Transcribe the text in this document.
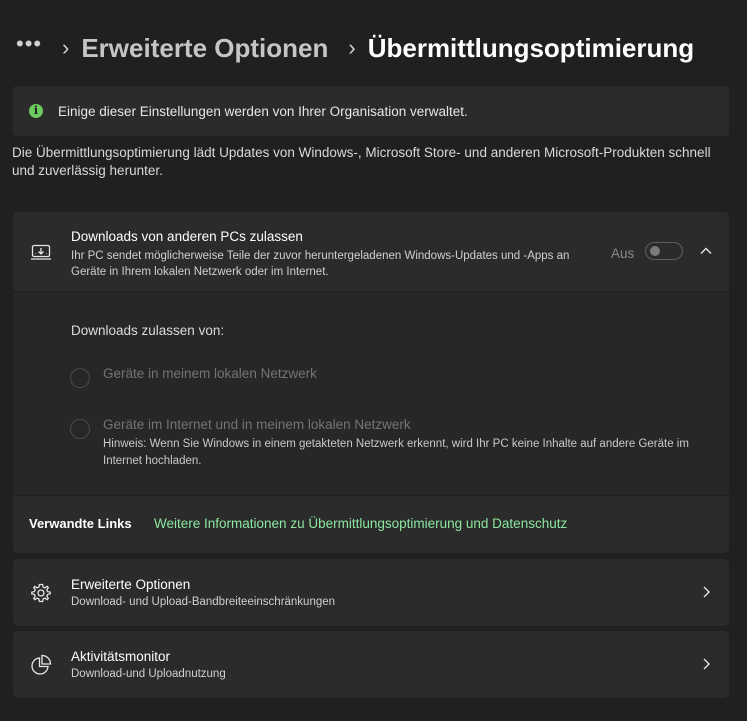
••• › Erweiterte Optionen › Übermittlungsoptimierung
i	Einige dieser Einstellungen werden von Ihrer Organisation verwaltet.
Die Übermittlungsoptimierung lädt Updates von Windows-, Microsoft Store- und anderen Microsoft-Produkten schnell und zuverlässig herunter.
Downloads von anderen PCs zulassen
Ihr PC sendet möglicherweise Teile der zuvor heruntergeladenen Windows-Updates und -Apps an Geräte in Ihrem lokalen Netzwerk oder im Internet.
Aus
Downloads zulassen von:
Geräte in meinem lokalen Netzwerk
Geräte im Internet und in meinem lokalen Netzwerk
Hinweis: Wenn Sie Windows in einem getakteten Netzwerk erkennt, wird Ihr PC keine Inhalte auf andere Geräte im Internet hochladen.
Verwandte Links Weitere Informationen zu Übermittlungsoptimierung und Datenschutz
Erweiterte Optionen
Download- und Upload-Bandbreiteeinschränkungen
Aktivitätsmonitor
Download-und Uploadnutzung
